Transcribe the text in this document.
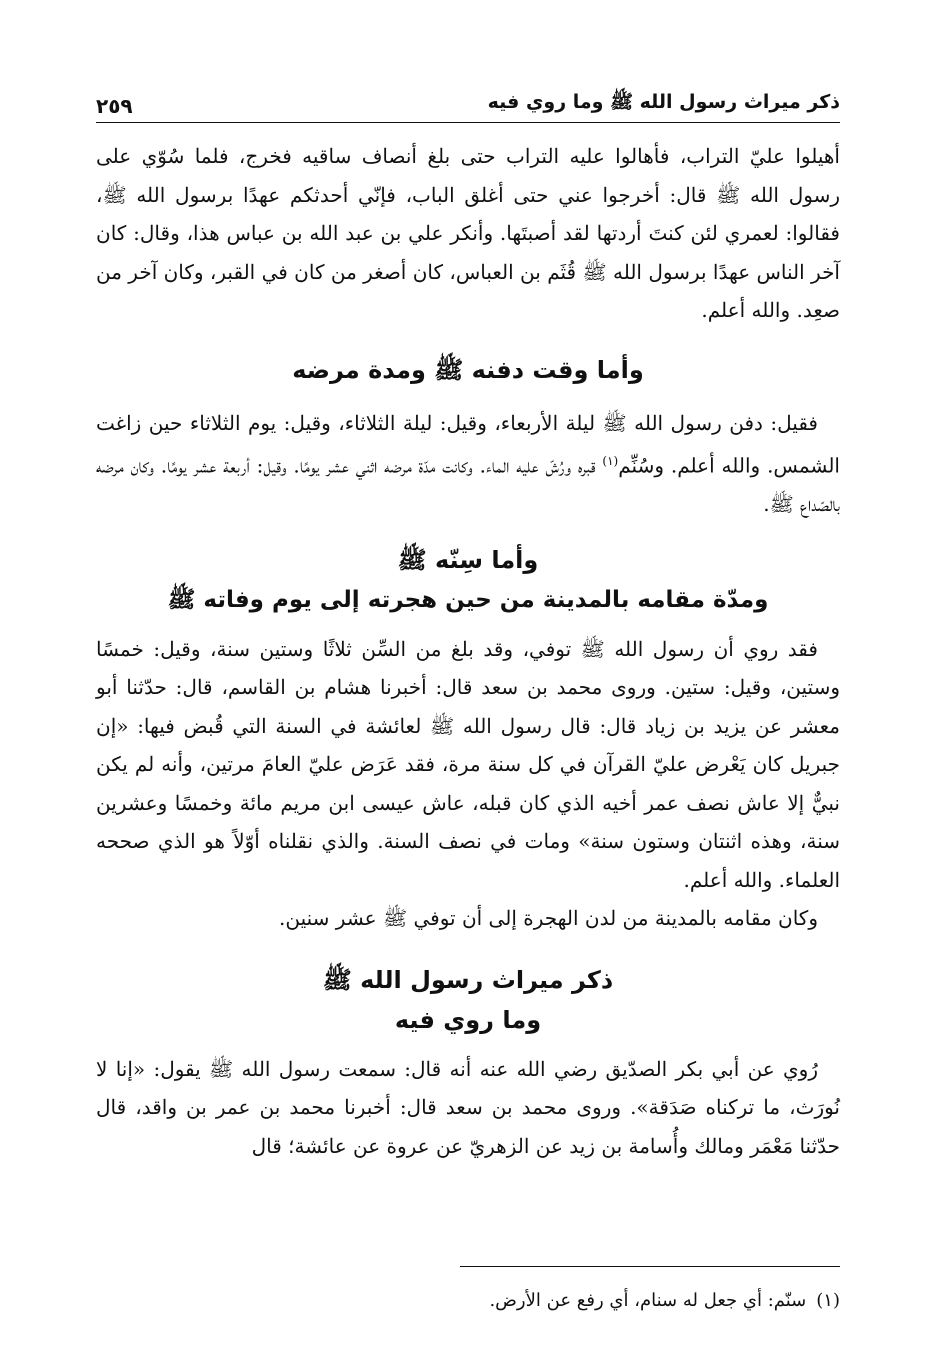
ذكر ميراث رسول الله ﷺ وما روي فيه
٢٥٩

أهيلوا عليّ التراب، فأهالوا عليه التراب حتى بلغ أنصاف ساقيه فخرج، فلما سُوّي على رسول الله ﷺ قال: أخرجوا عني حتى أغلق الباب، فإنّي أحدثكم عهدًا برسول الله ﷺ، فقالوا: لعمري لئن كنتَ أردتها لقد أصبتَها. وأنكر علي بن عبد الله بن عباس هذا، وقال: كان آخر الناس عهدًا برسول الله ﷺ قُثَم بن العباس، كان أصغر من كان في القبر، وكان آخر من صعِد. والله أعلم.

وأما وقت دفنه ﷺ ومدة مرضه

فقيل: دفن رسول الله ﷺ ليلة الأربعاء، وقيل: ليلة الثلاثاء، وقيل: يوم الثلاثاء حين زاغت الشمس. والله أعلم. وسُنِّم$^{(١)}$ قبره ورُشّ عليه الماء. وكانت مدّة مرضه اثني عشر يومًا. وقيل: أربعة عشر يومًا. وكان مرضه بالصّداع ﷺ.

وأما سِنّه ﷺ
ومدّة مقامه بالمدينة من حين هجرته إلى يوم وفاته ﷺ

فقد روي أن رسول الله ﷺ توفي، وقد بلغ من السِّن ثلاثًا وستين سنة، وقيل: خمسًا وستين، وقيل: ستين. وروى محمد بن سعد قال: أخبرنا هشام بن القاسم، قال: حدّثنا أبو معشر عن يزيد بن زياد قال: قال رسول الله ﷺ لعائشة في السنة التي قُبض فيها: «إن جبريل كان يَعْرض عليّ القرآن في كل سنة مرة، فقد عَرَض عليّ العامَ مرتين، وأنه لم يكن نبيٌّ إلا عاش نصف عمر أخيه الذي كان قبله، عاش عيسى ابن مريم مائة وخمسًا وعشرين سنة، وهذه اثنتان وستون سنة» ومات في نصف السنة. والذي نقلناه أوّلاً هو الذي صححه العلماء. والله أعلم.

وكان مقامه بالمدينة من لدن الهجرة إلى أن توفي ﷺ عشر سنين.

ذكر ميراث رسول الله ﷺ
وما روي فيه

رُوي عن أبي بكر الصدّيق رضي الله عنه أنه قال: سمعت رسول الله ﷺ يقول: «إنا لا نُورَث، ما تركناه صَدَقة». وروى محمد بن سعد قال: أخبرنا محمد بن عمر بن واقد، قال حدّثنا مَعْمَر ومالك وأُسامة بن زيد عن الزهريّ عن عروة عن عائشة؛ قال

(١)سنّم: أي جعل له سنام، أي رفع عن الأرض.
